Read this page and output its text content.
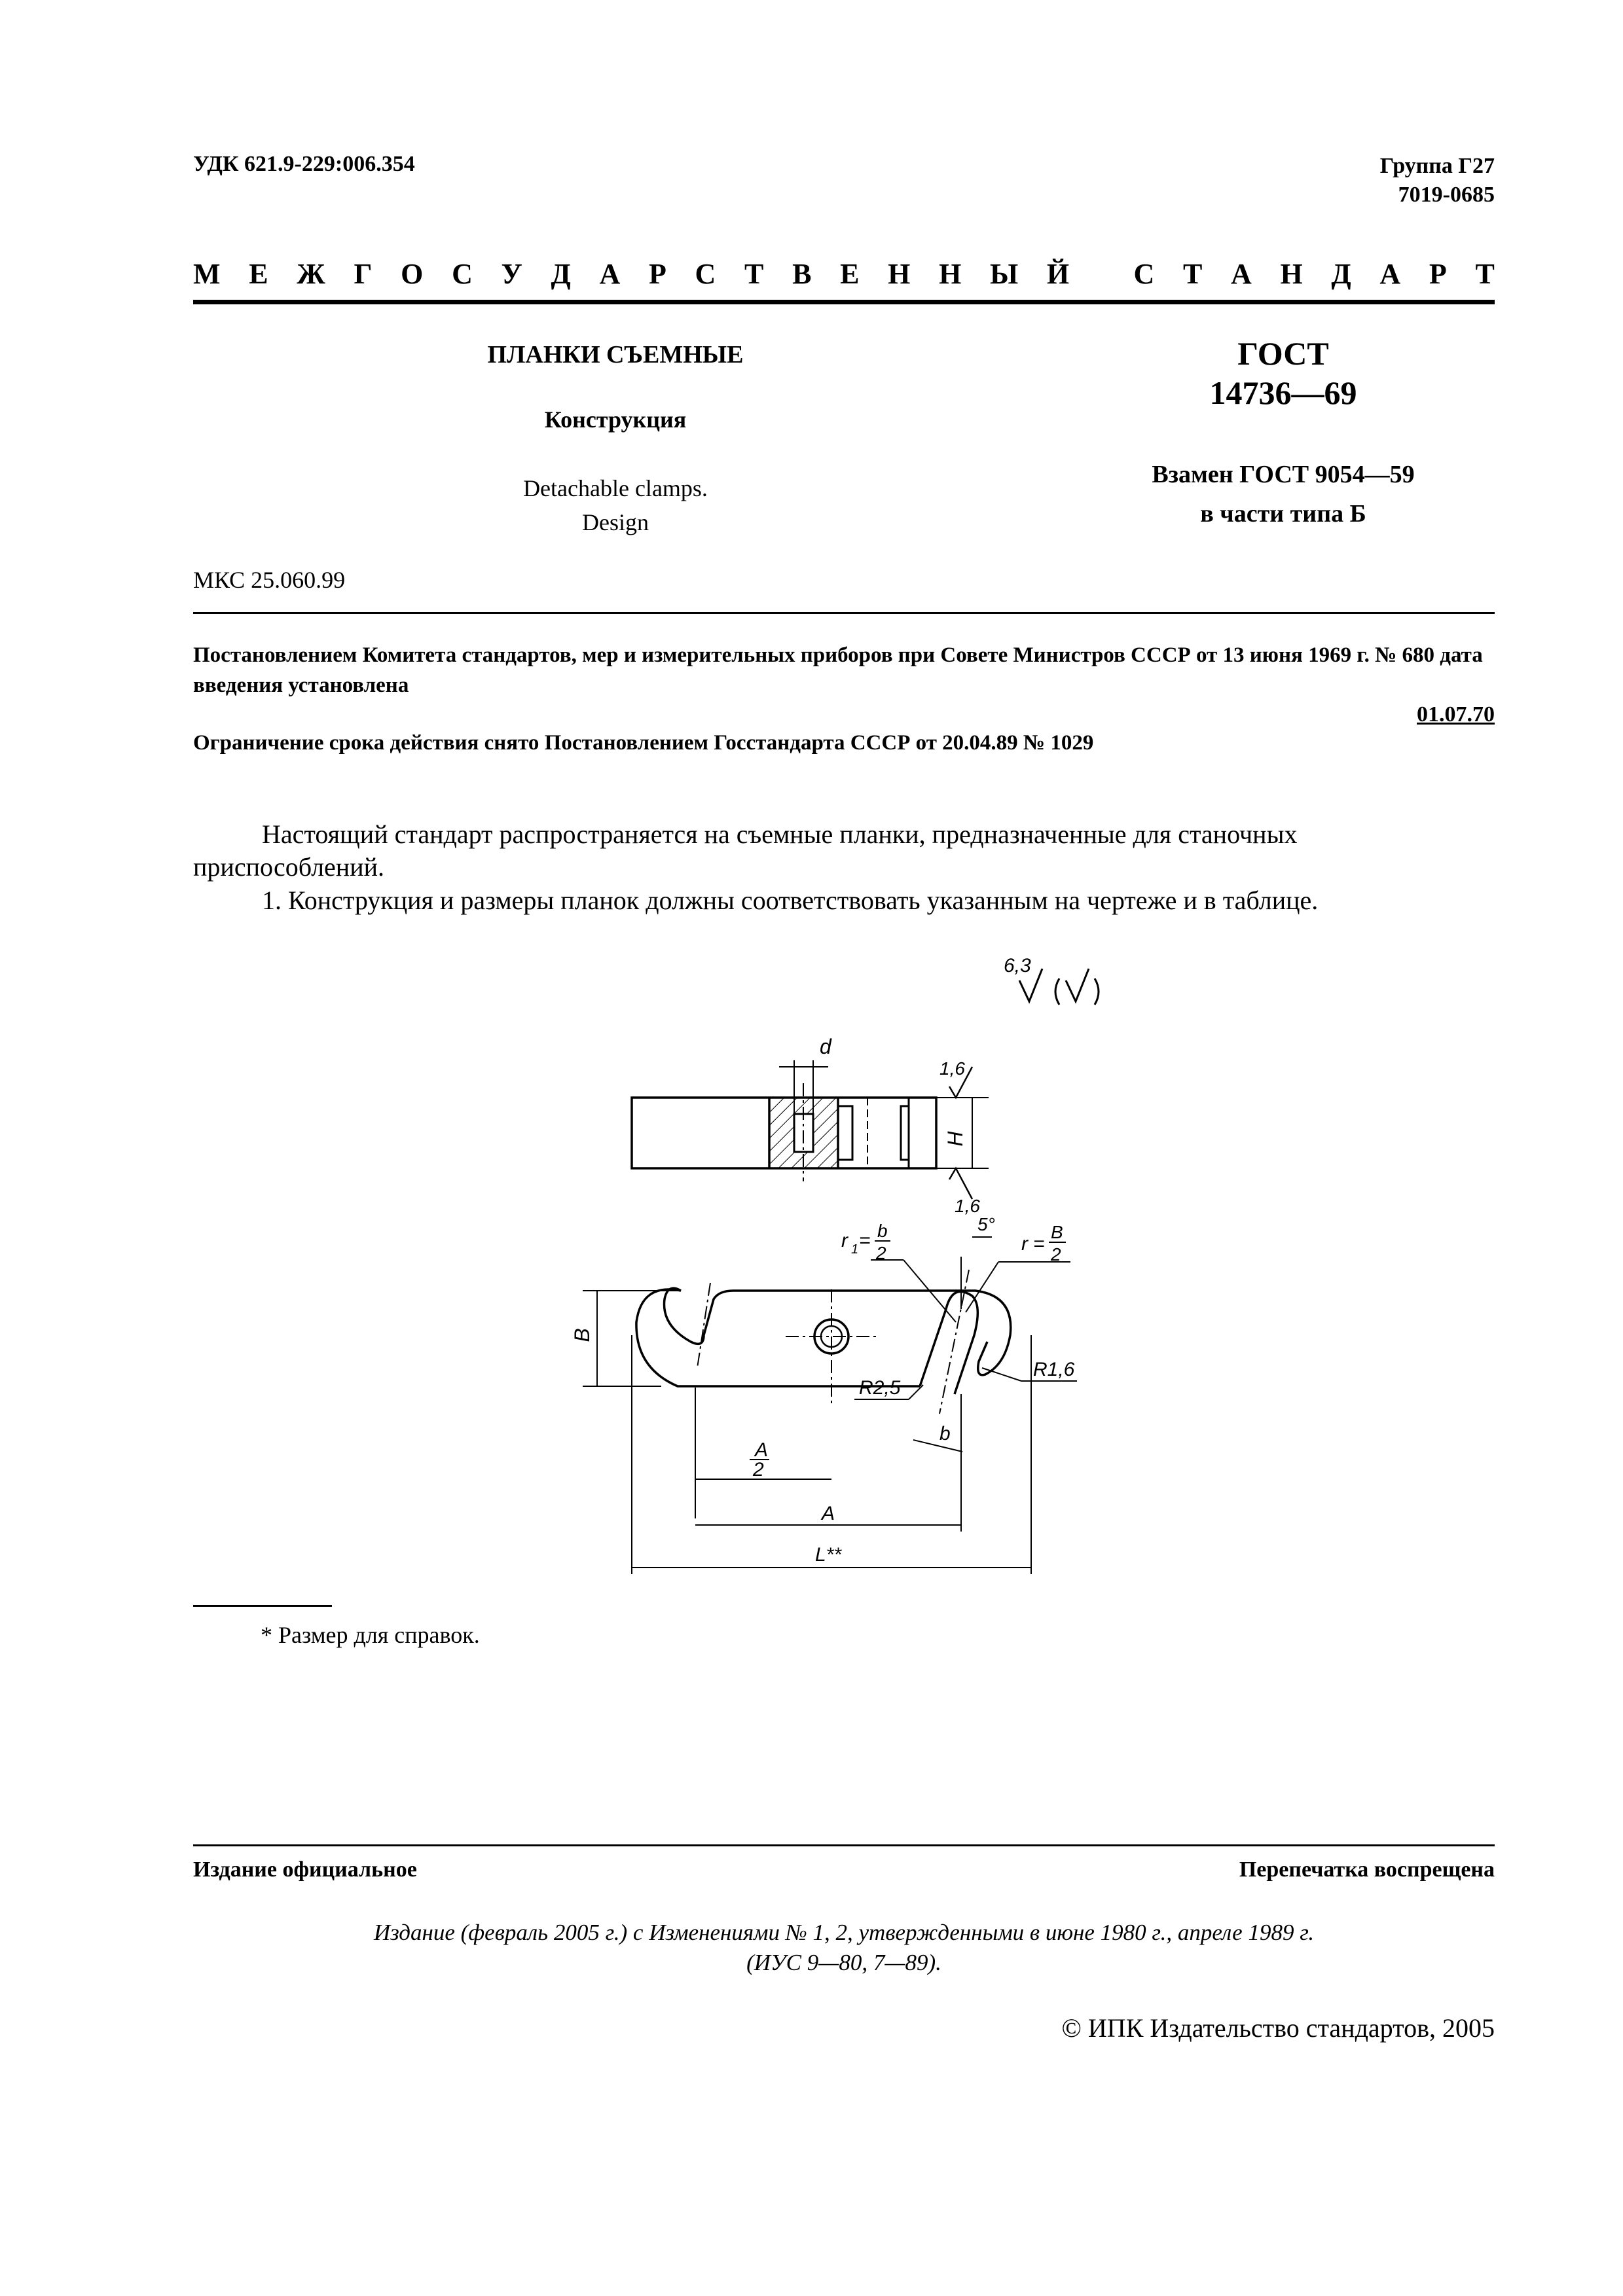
УДК 621.9-229:006.354	Группа Г27
7019-0685
М Е Ж Г О С У Д А Р С Т В Е Н Н Ы Й
С Т А Н Д А Р Т
ПЛАНКИ СЪЕМНЫЕ
Конструкция
Detachable clamps.
Design
ГОСТ
14736—69
Взамен ГОСТ 9054—59
в части типа Б
МКС 25.060.99
Постановлением Комитета стандартов, мер и измерительных приборов при Совете Министров СССР от 13 июня 1969 г. № 680 дата введения установлена
01.07.70
Ограничение срока действия снято Постановлением Госстандарта СССР от 20.04.89 № 1029
Настоящий стандарт распространяется на съемные планки, предназначенные для станочных приспособлений.
1. Конструкция и размеры планок должны соответствовать указанным на чертеже и в таблице.
6,3
d
H
1,6
1,6
B
r 1 = b
2
5°
r =
B
2
R2,5
R1,6
b
A
2
A
L**
* Размер для справок.
Издание официальное	Перепечатка воспрещена
Издание (февраль 2005 г.) с Изменениями № 1, 2, утвержденными в июне 1980 г., апреле 1989 г.
(ИУС 9—80, 7—89).
© ИПК Издательство стандартов, 2005
